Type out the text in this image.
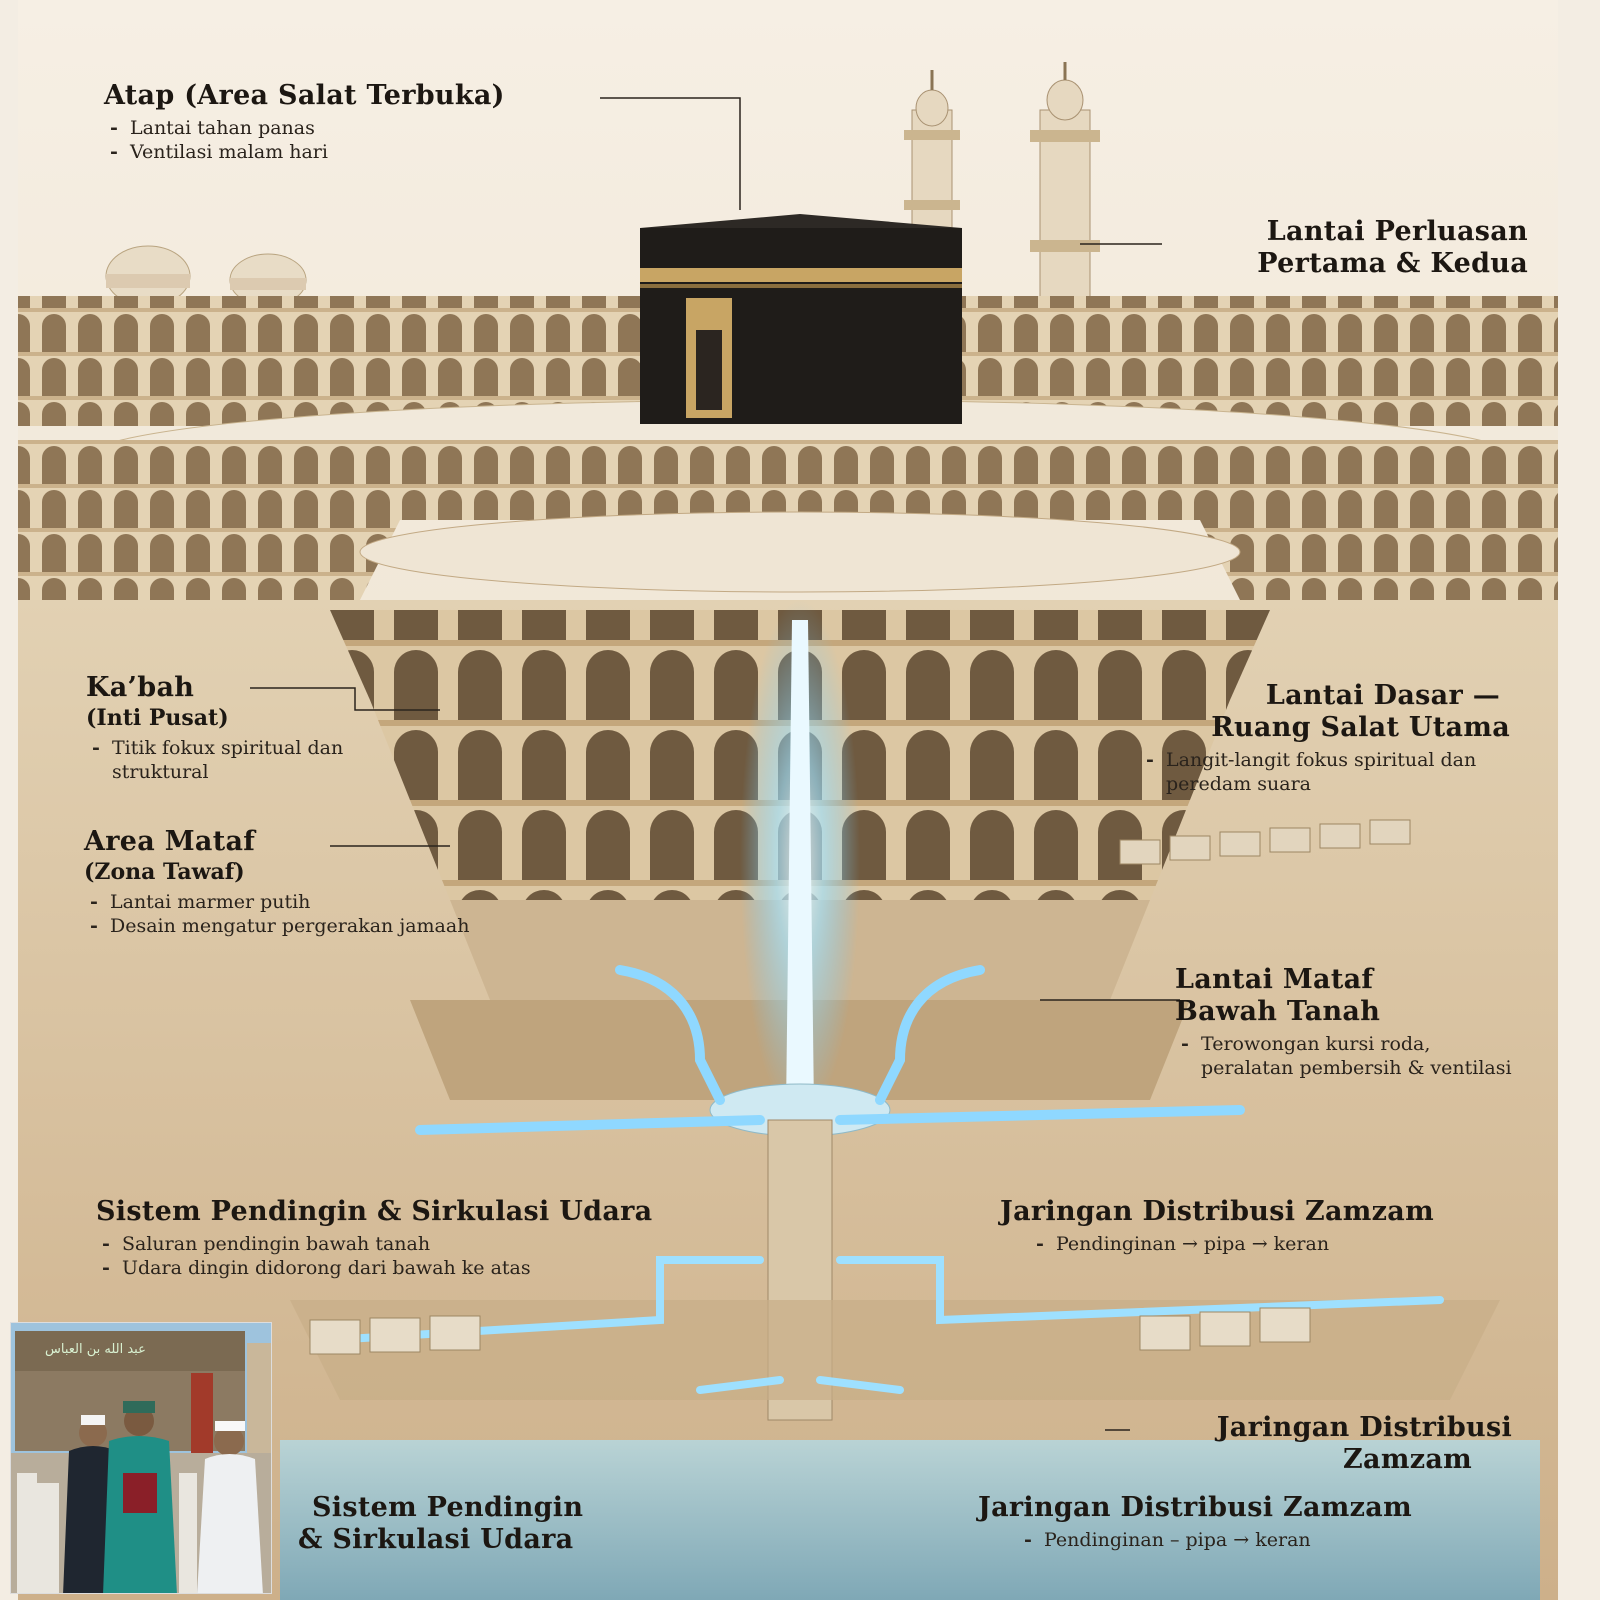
Atap (Area Salat Terbuka)
- Lantai tahan panas
- Ventilasi malam hari
Lantai Perluasan
Pertama & Kedua
Ka’bah
(Inti Pusat)
- Titik fokux spiritual dan struktural
Lantai Dasar —
Ruang Salat Utama
- Langit-langit fokus spiritual dan peredam suara
Area Mataf
(Zona Tawaf)
- Lantai marmer putih
- Desain mengatur pergerakan jamaah
Lantai Mataf
Bawah Tanah
- Terowongan kursi roda, peralatan pembersih & ventilasi
Sistem Pendingin & Sirkulasi Udara
- Saluran pendingin bawah tanah
- Udara dingin didorong dari bawah ke atas
Jaringan Distribusi Zamzam
- Pendinginan → pipa → keran
Jaringan Distribusi
Zamzam
Sistem Pendingin
& Sirkulasi Udara
Jaringan Distribusi Zamzam
- Pendinginan – pipa → keran
عبد الله بن العباس
